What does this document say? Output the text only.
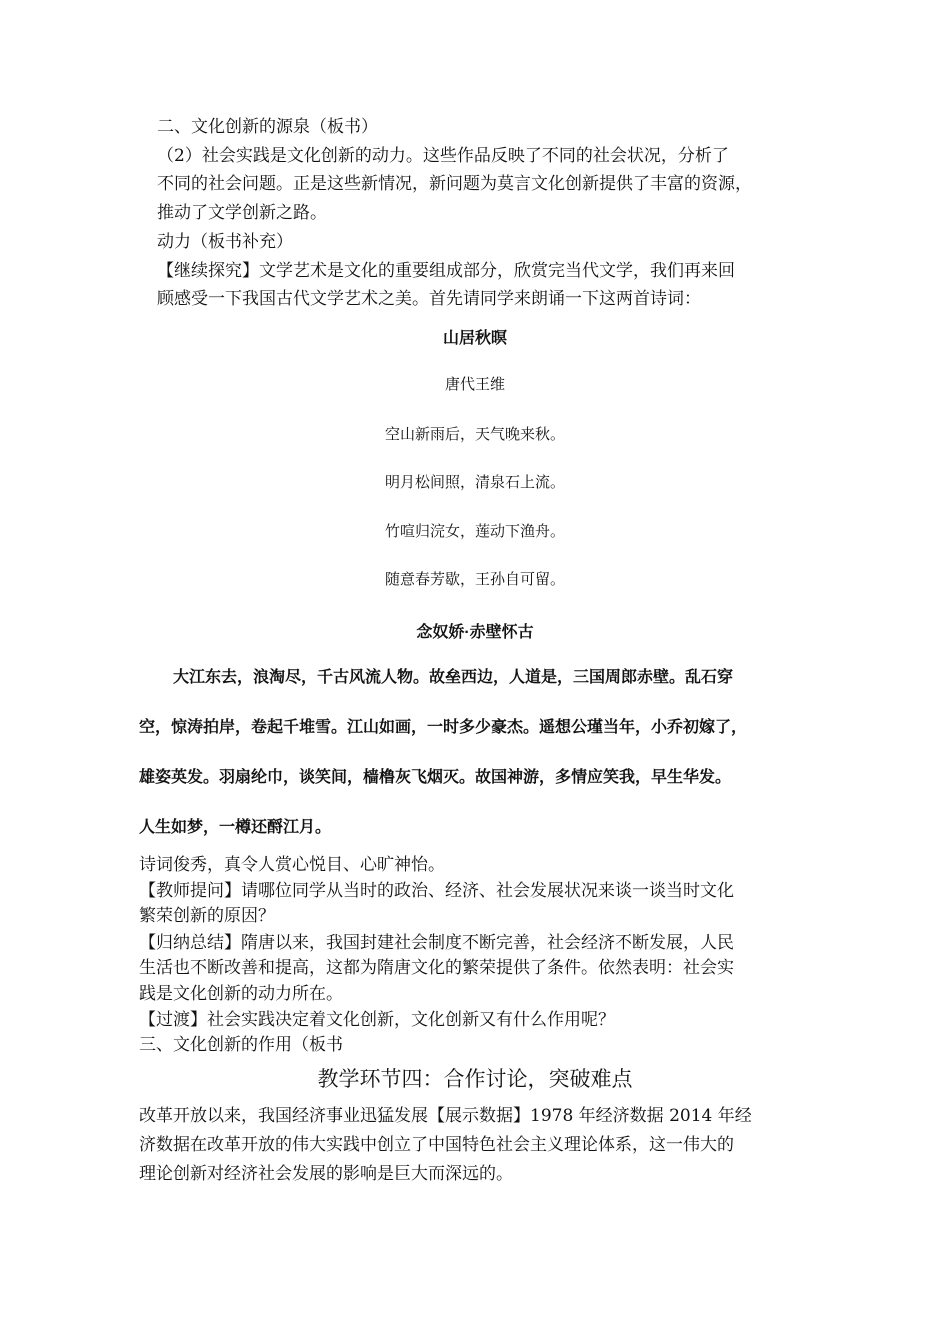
二、文化创新的源泉（板书）
（2）社会实践是文化创新的动力。这些作品反映了不同的社会状况，分析了
不同的社会问题。正是这些新情况，新问题为莫言文化创新提供了丰富的资源，
推动了文学创新之路。
动力（板书补充）
【继续探究】文学艺术是文化的重要组成部分，欣赏完当代文学，我们再来回
顾感受一下我国古代文学艺术之美。首先请同学来朗诵一下这两首诗词：
山居秋暝
唐代王维
空山新雨后，天气晚来秋。
明月松间照，清泉石上流。
竹喧归浣女，莲动下渔舟。
随意春芳歇，王孙自可留。
念奴娇·赤壁怀古
大江东去，浪淘尽，千古风流人物。故垒西边，人道是，三国周郎赤壁。乱石穿
空，惊涛拍岸，卷起千堆雪。江山如画，一时多少豪杰。遥想公瑾当年，小乔初嫁了，
雄姿英发。羽扇纶巾，谈笑间，樯橹灰飞烟灭。故国神游，多情应笑我，早生华发。
人生如梦，一樽还酹江月。
诗词俊秀，真令人赏心悦目、心旷神怡。
【教师提问】请哪位同学从当时的政治、经济、社会发展状况来谈一谈当时文化
繁荣创新的原因？
【归纳总结】隋唐以来，我国封建社会制度不断完善，社会经济不断发展，人民
生活也不断改善和提高，这都为隋唐文化的繁荣提供了条件。依然表明：社会实
践是文化创新的动力所在。
【过渡】社会实践决定着文化创新，文化创新又有什么作用呢？
三、文化创新的作用（板书
教学环节四：合作讨论，突破难点
改革开放以来，我国经济事业迅猛发展【展示数据】1978 年经济数据 2014 年经
济数据在改革开放的伟大实践中创立了中国特色社会主义理论体系，这一伟大的
理论创新对经济社会发展的影响是巨大而深远的。
